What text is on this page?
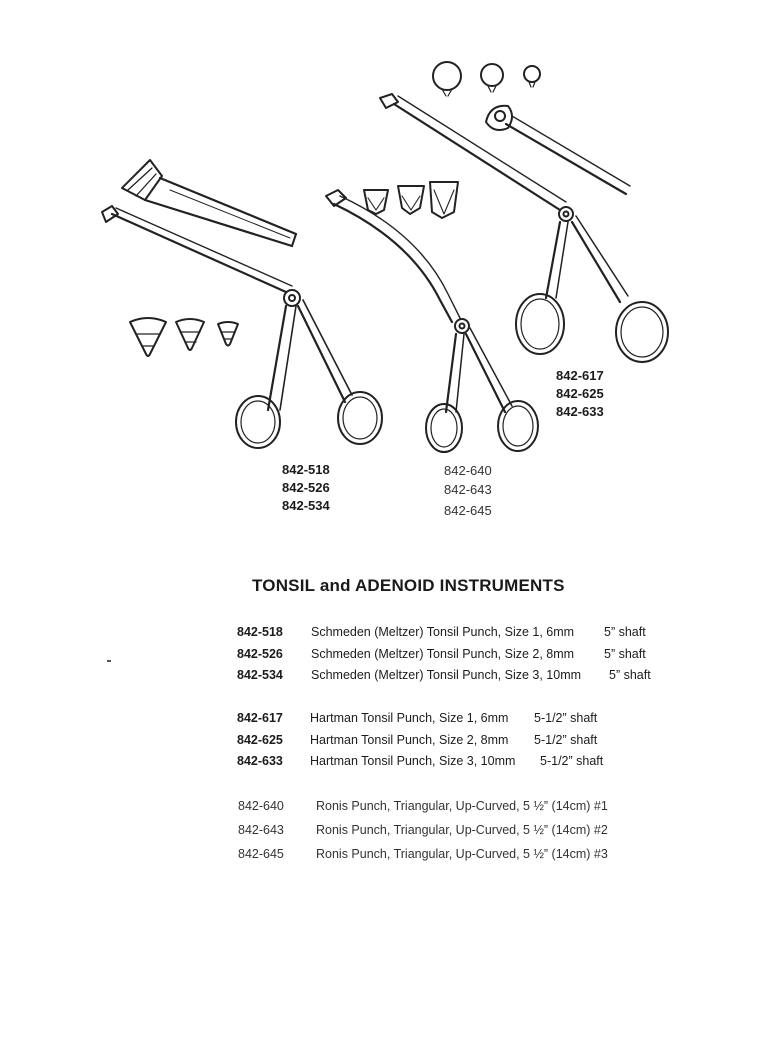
842-518
842-526
842-534
842-640
842-643
842-645
842-617
842-625
842-633
TONSIL and ADENOID INSTRUMENTS
842-518 Schmeden (Meltzer) Tonsil Punch, Size 1, 6mm 5” shaft
842-526 Schmeden (Meltzer) Tonsil Punch, Size 2, 8mm 5” shaft
842-534 Schmeden (Meltzer) Tonsil Punch, Size 3, 10mm 5” shaft
842-617 Hartman Tonsil Punch, Size 1, 6mm 5-1/2” shaft
842-625 Hartman Tonsil Punch, Size 2, 8mm 5-1/2” shaft
842-633 Hartman Tonsil Punch, Size 3, 10mm 5-1/2” shaft
842-640	Ronis Punch, Triangular, Up-Curved, 5 ½” (14cm) #1
842-643	Ronis Punch, Triangular, Up-Curved, 5 ½” (14cm) #2
842-645	Ronis Punch, Triangular, Up-Curved, 5 ½” (14cm) #3
